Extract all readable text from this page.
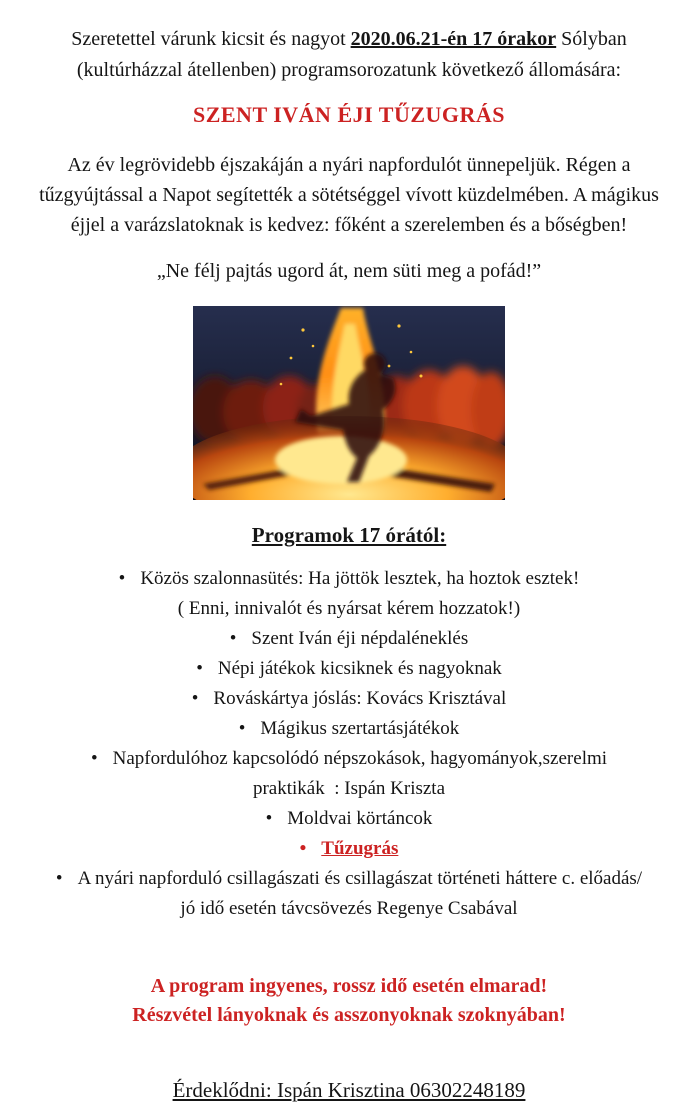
Szeretettel várunk kicsit és nagyot 2020.06.21-én 17 órakor Sólyban (kultúrházzal átellenben) programsorozatunk következő állomására:

SZENT IVÁN ÉJI TŰZUGRÁS

Az év legrövidebb éjszakáján a nyári napfordulót ünnepeljük. Régen a tűzgyújtással a Napot segítették a sötétséggel vívott küzdelmében. A mágikus éjjel a varázslatoknak is kedvez: főként a szerelemben és a bőségben!

„Ne félj pajtás ugord át, nem süti meg a pofád!”

Programok 17 órától:
• Közös szalonnasütés: Ha jöttök lesztek, ha hoztok esztek!
( Enni, innivalót és nyársat kérem hozzatok!)
• Szent Iván éji népdaléneklés
• Népi játékok kicsiknek és nagyoknak
• Rováskártya jóslás: Kovács Krisztával
• Mágikus szertartásjátékok
• Napfordulóhoz kapcsolódó népszokások, hagyományok,szerelmi
praktikák  : Ispán Kriszta
• Moldvai körtáncok
• Tűzugrás
• A nyári napforduló csillagászati és csillagászat történeti háttere c. előadás/
jó idő esetén távcsövezés Regenye Csabával

A program ingyenes, rossz idő esetén elmarad!

Részvétel lányoknak és asszonyoknak szoknyában!

Érdeklődni: Ispán Krisztina 06302248189
